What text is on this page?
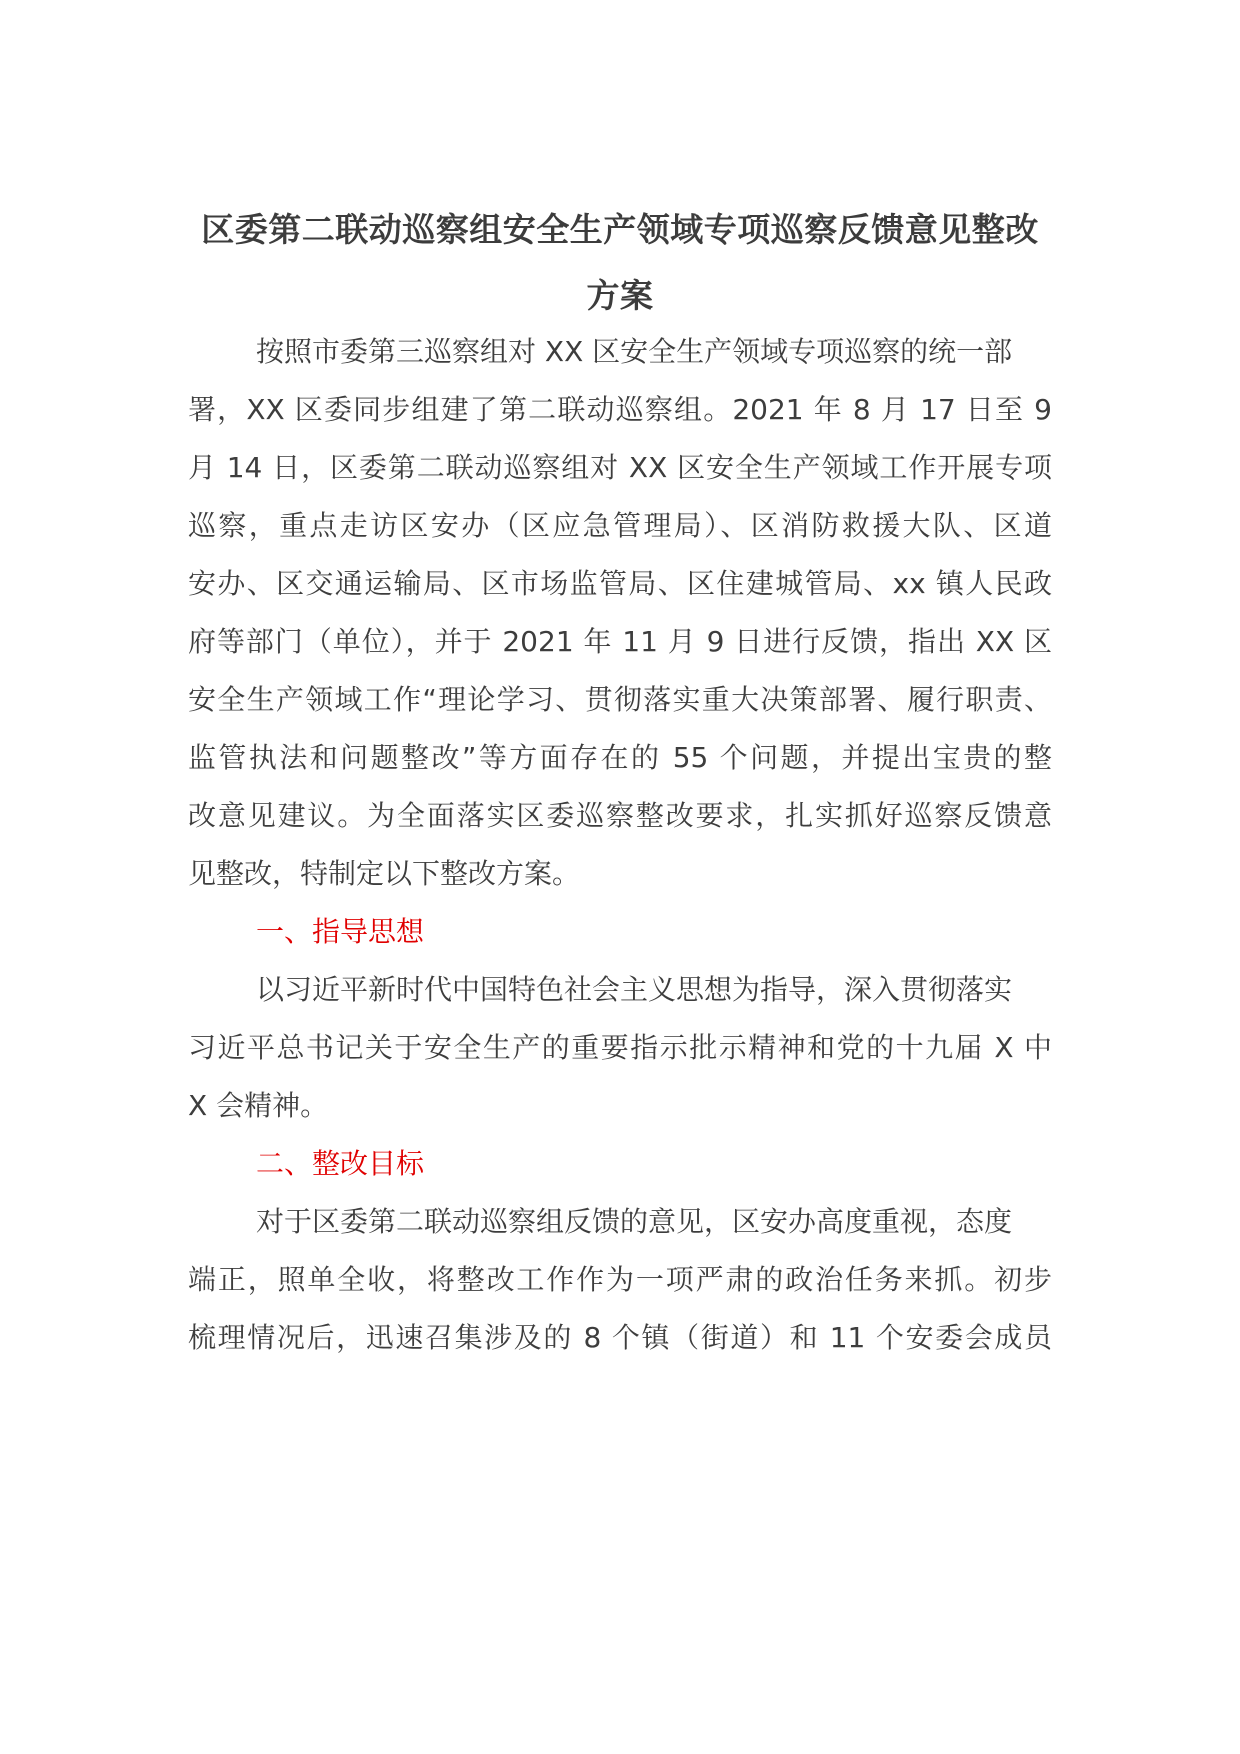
区委第二联动巡察组安全生产领域专项巡察反馈意见整改
方案

按照市委第三巡察组对 XX 区安全生产领域专项巡察的统一部

署，XX 区委同步组建了第二联动巡察组。2021 年 8 月 17 日至 9

月 14 日，区委第二联动巡察组对 XX 区安全生产领域工作开展专项

巡察，重点走访区安办（区应急管理局）、区消防救援大队、区道

安办、区交通运输局、区市场监管局、区住建城管局、xx 镇人民政

府等部门（单位），并于 2021 年 11 月 9 日进行反馈，指出 XX 区

安全生产领域工作“理论学习、贯彻落实重大决策部署、履行职责、

监管执法和问题整改”等方面存在的 55 个问题，并提出宝贵的整

改意见建议。为全面落实区委巡察整改要求，扎实抓好巡察反馈意

见整改，特制定以下整改方案。

一、指导思想

以习近平新时代中国特色社会主义思想为指导，深入贯彻落实

习近平总书记关于安全生产的重要指示批示精神和党的十九届 X 中

X 会精神。

二、整改目标

对于区委第二联动巡察组反馈的意见，区安办高度重视，态度

端正，照单全收，将整改工作作为一项严肃的政治任务来抓。初步

梳理情况后，迅速召集涉及的 8 个镇（街道）和 11 个安委会成员
